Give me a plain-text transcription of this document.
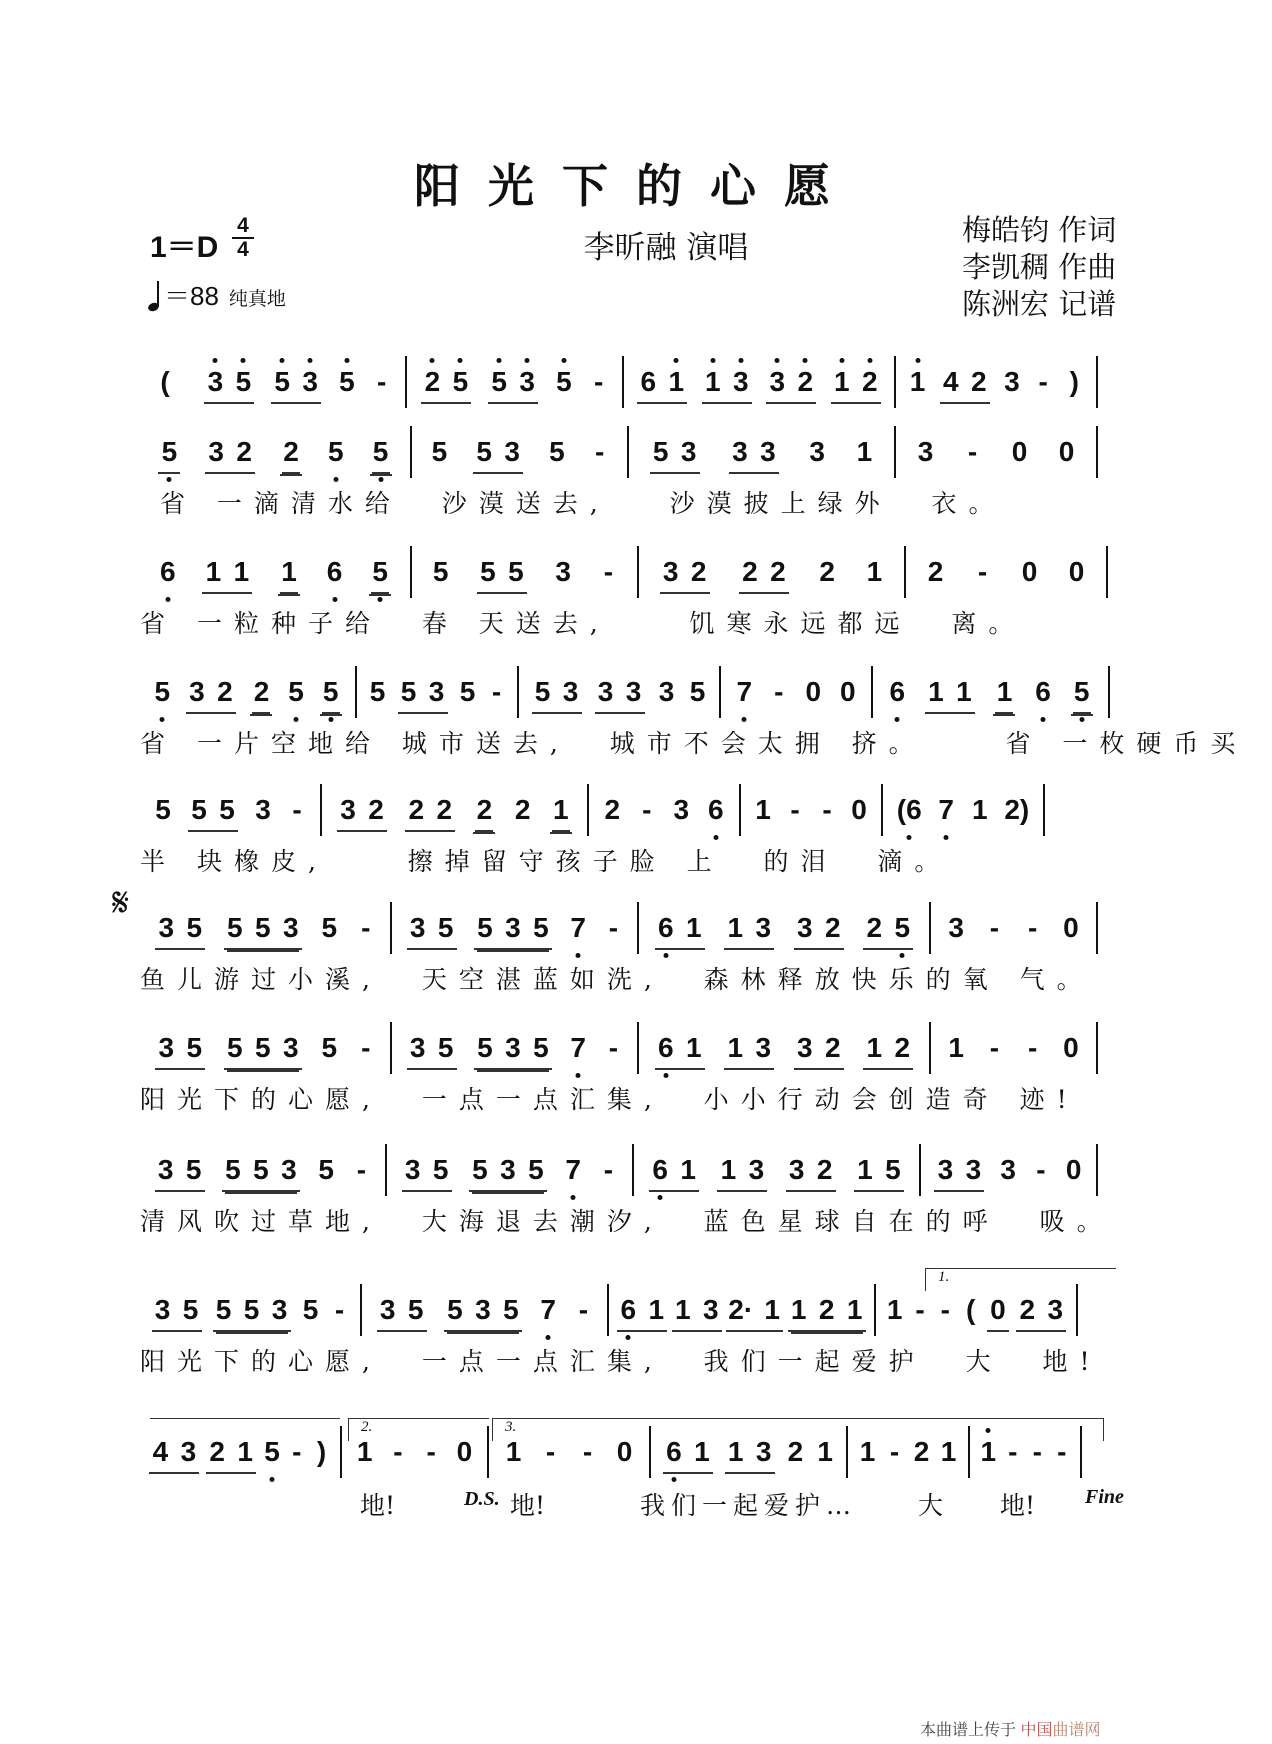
阳光下的心愿
1＝D
4
4
＝88 纯真地
李昕融 演唱	梅皓钧 作词
李凯稠 作曲
陈洲宏 记谱
( 3 5 5 3 5 - 2 5 5 3 5 - 6 1 1 3 3 2 1 2 1 4 2 3 - )
5 3 2 2 5 5 5 5 3 5 - 5 3 3 3 3 1 3 - 0 0
省 一滴清水给  沙漠送去,   沙漠披上绿外  衣。
6 1 1 1 6 5 5 5 5 3 - 3 2 2 2 2 1 2 - 0 0
省 一粒种子给  春 天送去,    饥寒永远都远  离。
5 3 2 2 5 5 5 5 3 5 - 5 3 3 3 3 5 7 - 0 0 6 1 1 1 6 5
省 一片空地给 城市送去,  城市不会太拥 挤。    省 一枚硬币买
5 5 5 3 - 3 2 2 2 2 2 1 2 - 3 6 1 - - 0 (6 7 1 2)
半 块橡皮,    擦掉留守孩子脸 上  的泪  滴。
3 5 5 5 3 5 - 3 5 5 3 5 7 - 6 1 1 3 3 2 2 5 3 - - 0
鱼儿游过小溪,  天空湛蓝如洗,  森林释放快乐的氧 气。
3 5 5 5 3 5 - 3 5 5 3 5 7 - 6 1 1 3 3 2 1 2 1 - - 0
阳光下的心愿,  一点一点汇集,  小小行动会创造奇 迹!
3 5 5 5 3 5 - 3 5 5 3 5 7 - 6 1 1 3 3 2 1 5 3 3 3 - 0
清风吹过草地,  大海退去潮汐,  蓝色星球自在的呼  吸。
3 5 5 5 3 5 - 3 5 5 3 5 7 - 6 1 1 3 2· 1 1 2 1 1 - - ( 0 2 3
阳光下的心愿,  一点一点汇集,  我们一起爱护  大  地!
4 3 2 1 5 - ) 1 - - 0 1 - - 0 6 1 1 3 2 1 1 - 2 1 1 - - -
𝄋
1.
2.	3.
地!	D.S. 地!	我们一起爱护… 大 地! Fine
本曲谱上传于 中国曲谱网
